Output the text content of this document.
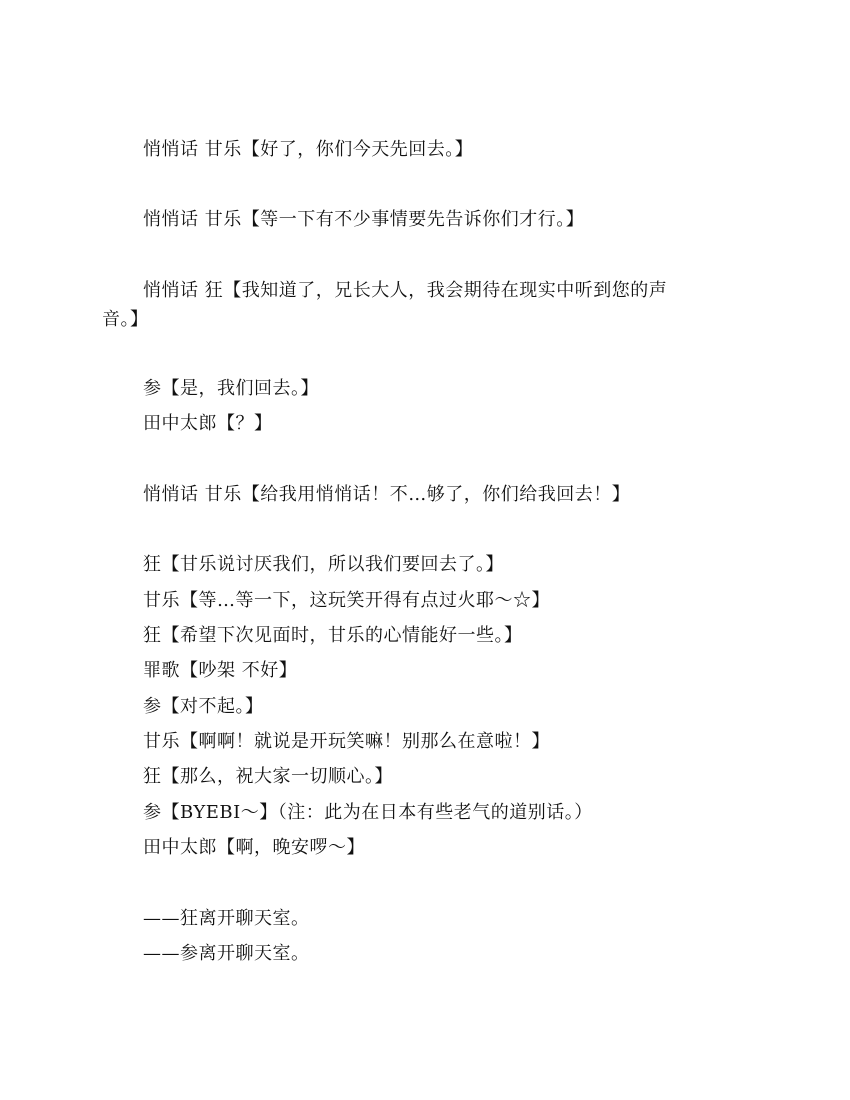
悄悄话 甘乐【好了，你们今天先回去。】
悄悄话 甘乐【等一下有不少事情要先告诉你们才行。】
悄悄话 狂【我知道了，兄长大人，我会期待在现实中听到您的声
音。】
参【是，我们回去。】
田中太郎【？】
悄悄话 甘乐【给我用悄悄话！不…够了，你们给我回去！】
狂【甘乐说讨厌我们，所以我们要回去了。】
甘乐【等…等一下，这玩笑开得有点过火耶～☆】
狂【希望下次见面时，甘乐的心情能好一些。】
罪歌【吵架 不好】
参【对不起。】
甘乐【啊啊！就说是开玩笑嘛！别那么在意啦！】
狂【那么，祝大家一切顺心。】
参【BYEBI～】（注：此为在日本有些老气的道别话。）
田中太郎【啊，晚安啰～】
——狂离开聊天室。
——参离开聊天室。
